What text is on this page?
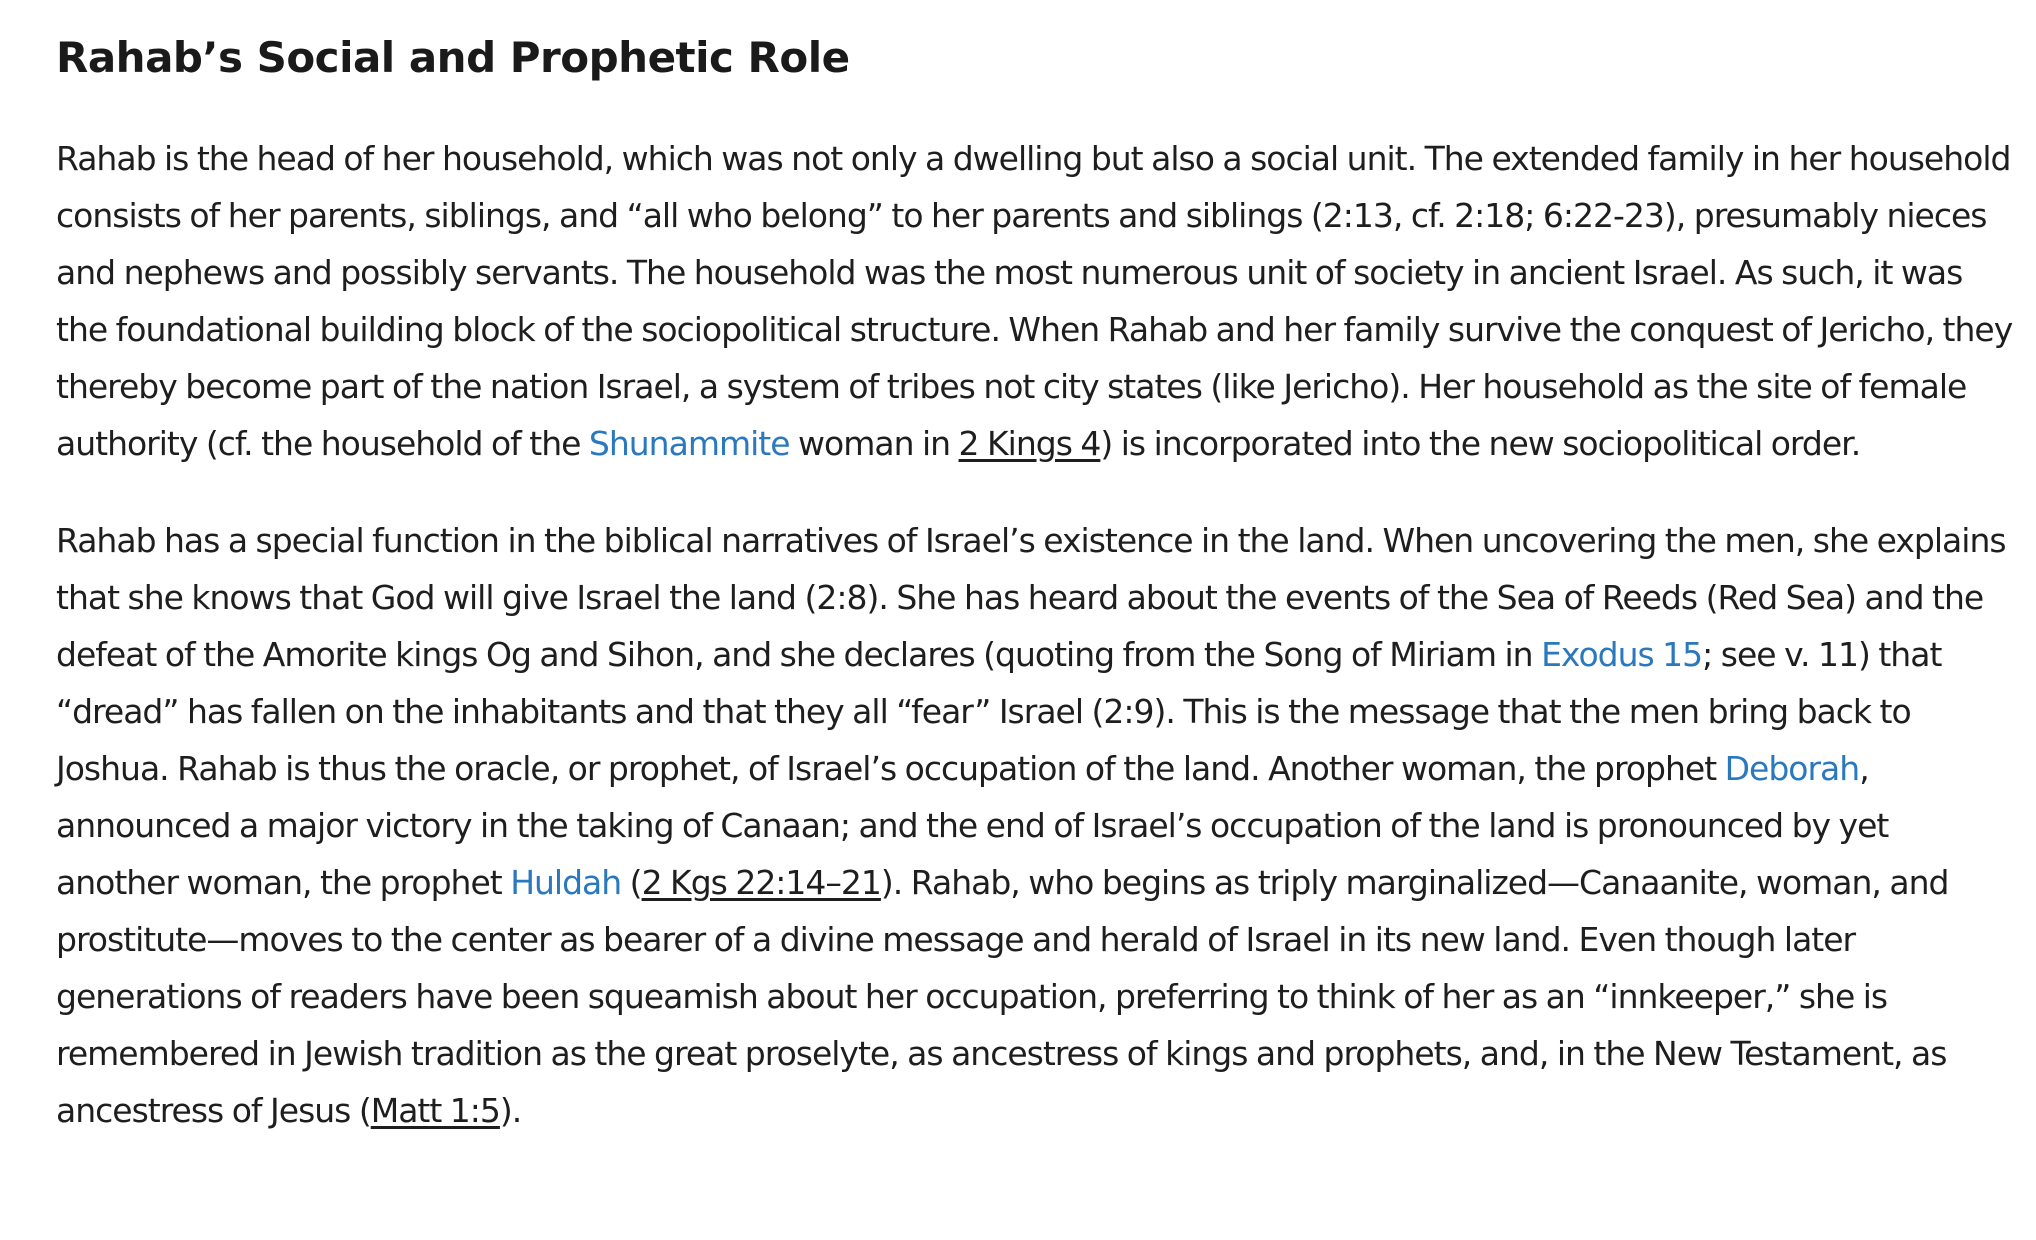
Rahab’s Social and Prophetic Role

Rahab is the head of her household, which was not only a dwelling but also a social unit. The extended family in her household consists of her parents, siblings, and “all who belong” to her parents and siblings (2:13, cf. 2:18; 6:22-23), presumably nieces and nephews and possibly servants. The household was the most numerous unit of society in ancient Israel. As such, it was the foundational building block of the sociopolitical structure. When Rahab and her family survive the conquest of Jericho, they thereby become part of the nation Israel, a system of tribes not city states (like Jericho). Her household as the site of female authority (cf. the household of the Shunammite woman in 2 Kings 4) is incorporated into the new sociopolitical order.

Rahab has a special function in the biblical narratives of Israel’s existence in the land. When uncovering the men, she explains that she knows that God will give Israel the land (2:8). She has heard about the events of the Sea of Reeds (Red Sea) and the defeat of the Amorite kings Og and Sihon, and she declares (quoting from the Song of Miriam in Exodus 15; see v. 11) that “dread” has fallen on the inhabitants and that they all “fear” Israel (2:9). This is the message that the men bring back to Joshua. Rahab is thus the oracle, or prophet, of Israel’s occupation of the land. Another woman, the prophet Deborah, announced a major victory in the taking of Canaan; and the end of Israel’s occupation of the land is pronounced by yet another woman, the prophet Huldah (2 Kgs 22:14–21). Rahab, who begins as triply marginalized—Canaanite, woman, and prostitute—moves to the center as bearer of a divine message and herald of Israel in its new land. Even though later generations of readers have been squeamish about her occupation, preferring to think of her as an “innkeeper,” she is remembered in Jewish tradition as the great proselyte, as ancestress of kings and prophets, and, in the New Testament, as ancestress of Jesus (Matt 1:5).
